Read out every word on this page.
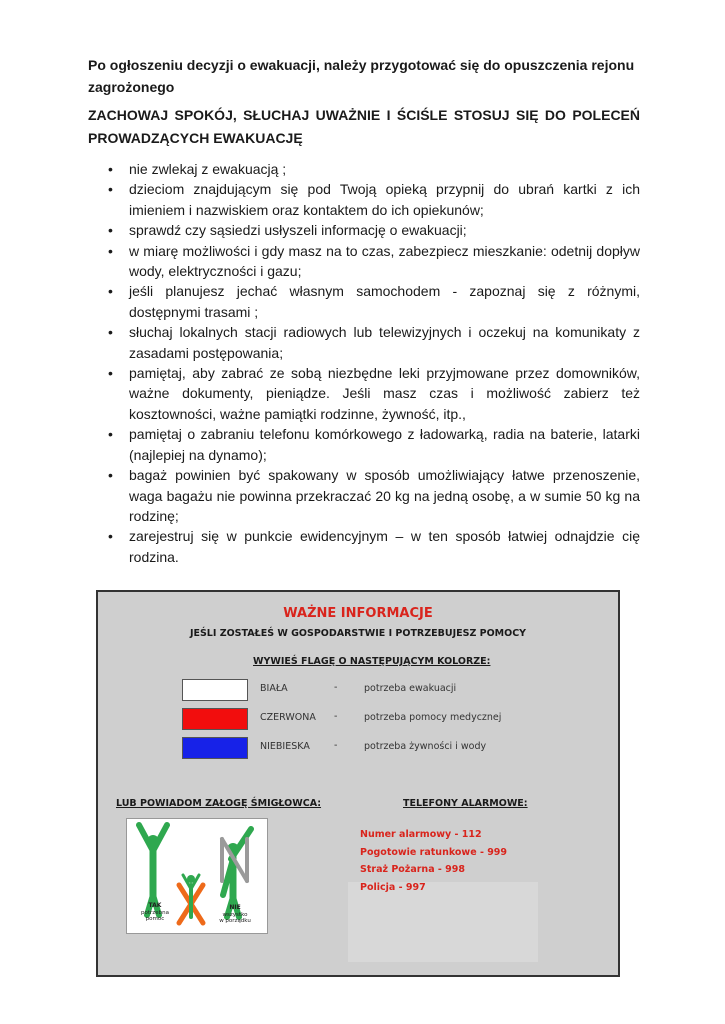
Po ogłoszeniu decyzji o ewakuacji, należy przygotować się do opuszczenia rejonu zagrożonego

ZACHOWAJ SPOKÓJ, SŁUCHAJ UWAŻNIE I ŚCIŚLE STOSUJ SIĘ DO POLECEŃ PROWADZĄCYCH EWAKUACJĘ

• nie zwlekaj z ewakuacją ;
• dzieciom znajdującym się pod Twoją opieką przypnij do ubrań kartki z ich imieniem i nazwiskiem oraz kontaktem do ich opiekunów;
• sprawdź czy sąsiedzi usłyszeli informację o ewakuacji;
• w miarę możliwości i gdy masz na to czas, zabezpiecz mieszkanie: odetnij dopływ wody, elektryczności i gazu;
• jeśli planujesz jechać własnym samochodem - zapoznaj się z różnymi, dostępnymi trasami ;
• słuchaj lokalnych stacji radiowych lub telewizyjnych i oczekuj na komunikaty z zasadami postępowania;
• pamiętaj, aby zabrać ze sobą niezbędne leki przyjmowane przez domowników, ważne dokumenty, pieniądze. Jeśli masz czas i możliwość zabierz też kosztowności, ważne pamiątki rodzinne, żywność, itp.,
• pamiętaj o zabraniu telefonu komórkowego z ładowarką, radia na baterie, latarki (najlepiej na dynamo);
• bagaż powinien być spakowany w sposób umożliwiający łatwe przenoszenie, waga bagażu nie powinna przekraczać 20 kg na jedną osobę, a w sumie 50 kg na rodzinę;
• zarejestruj się w punkcie ewidencyjnym – w ten sposób łatwiej odnajdzie cię rodzina.

WAŻNE INFORMACJE

JEŚLI ZOSTAŁEŚ W GOSPODARSTWIE I POTRZEBUJESZ POMOCY

WYWIEŚ FLAGĘ O NASTĘPUJĄCYM KOLORZE:

BIAŁA	-	potrzeba ewakuacji
CZERWONA -	potrzeba pomocy medycznej
NIEBIESKA	-	potrzeba żywności i wody

LUB POWIADOM ZAŁOGĘ ŚMIGŁOWCA:	TELEFONY ALARMOWE:

TAK
potrzebna
pomoc
NIE
wszystko
w porządku
Numer alarmowy - 112
Pogotowie ratunkowe - 999
Straż Pożarna - 998
Policja - 997
